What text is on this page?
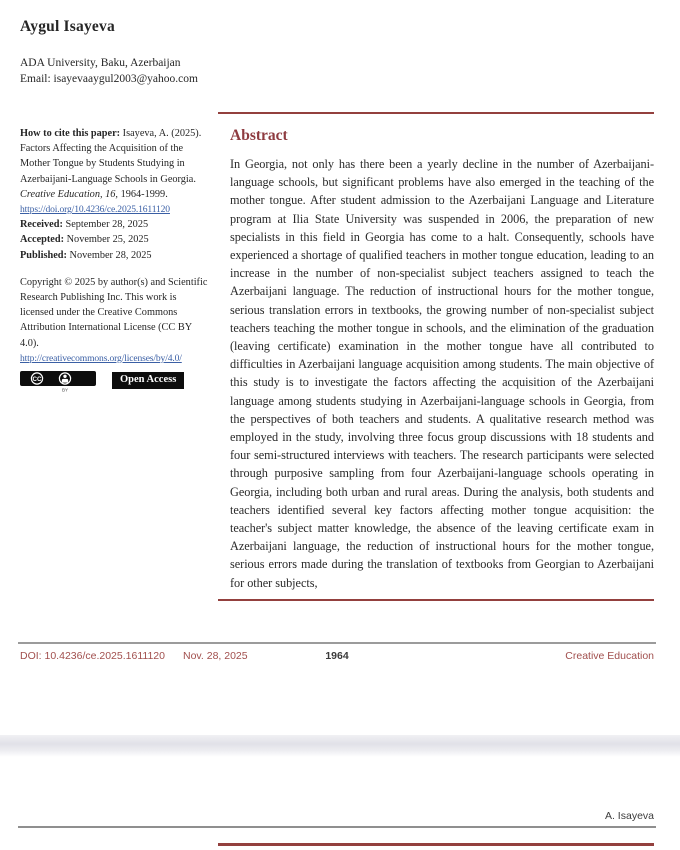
Aygul Isayeva

ADA University, Baku, Azerbaijan

Email: isayevaaygul2003@yahoo.com

How to cite this paper: Isayeva, A. (2025). Factors Affecting the Acquisition of the Mother Tongue by Students Studying in Azerbaijani-Language Schools in Georgia. Creative Education, 16, 1964-1999.

https://doi.org/10.4236/ce.2025.1611120

Received: September 28, 2025

Accepted: November 25, 2025

Published: November 28, 2025

Copyright © 2025 by author(s) and Scientific Research Publishing Inc. This work is licensed under the Creative Commons Attribution International License (CC BY 4.0).

http://creativecommons.org/licenses/by/4.0/
CC
BY
Open Access
Abstract

In Georgia, not only has there been a yearly decline in the number of Azerbaijani-language schools, but significant problems have also emerged in the teaching of the mother tongue. After student admission to the Azerbaijani Language and Literature program at Ilia State University was suspended in 2006, the preparation of new specialists in this field in Georgia has come to a halt. Consequently, schools have experienced a shortage of qualified teachers in mother tongue education, leading to an increase in the number of non-specialist subject teachers assigned to teach the Azerbaijani language. The reduction of instructional hours for the mother tongue, serious translation errors in textbooks, the growing number of non-specialist subject teachers teaching the mother tongue in schools, and the elimination of the graduation (leaving certificate) examination in the mother tongue have all contributed to difficulties in Azerbaijani language acquisition among students. The main objective of this study is to investigate the factors affecting the acquisition of the Azerbaijani language among students studying in Azerbaijani-language schools in Georgia, from the perspectives of both teachers and students. A qualitative research method was employed in the study, involving three focus group discussions with 18 students and four semi-structured interviews with teachers. The research participants were selected through purposive sampling from four Azerbaijani-language schools operating in Georgia, including both urban and rural areas. During the analysis, both students and teachers identified several key factors affecting mother tongue acquisition: the teacher's subject matter knowledge, the absence of the leaving certificate exam in Azerbaijani language, the reduction of instructional hours for the mother tongue, serious errors made during the translation of textbooks from Georgian to Azerbaijani for other subjects,

DOI: 10.4236/ce.2025.1611120 Nov. 28, 2025	1964	Creative Education
A. Isayeva
